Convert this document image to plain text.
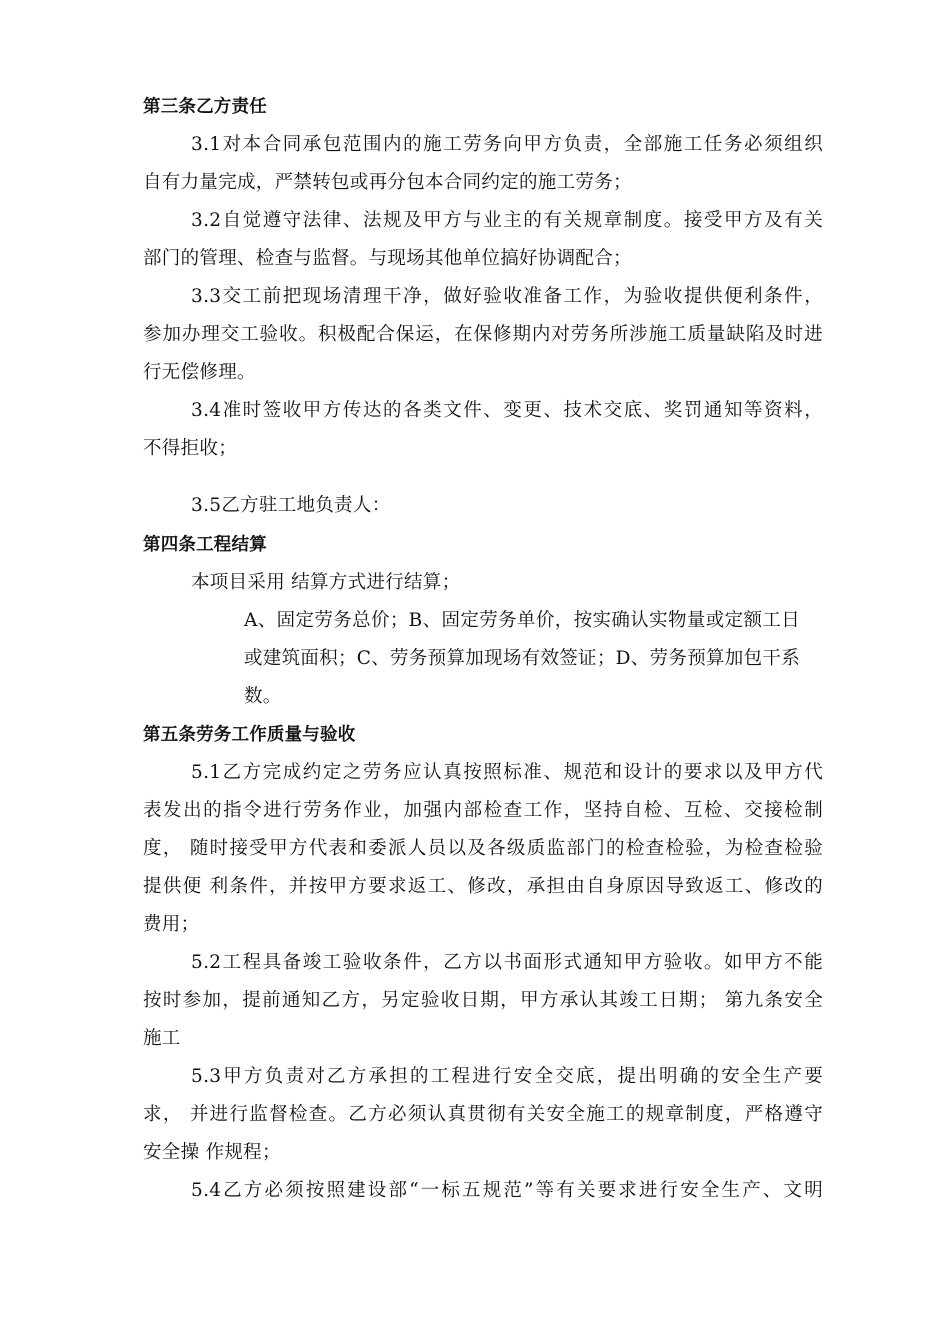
第三条乙方责任
3.1对本合同承包范围内的施工劳务向甲方负责，全部施工任务必须组织
自有力量完成，严禁转包或再分包本合同约定的施工劳务；
3.2自觉遵守法律、法规及甲方与业主的有关规章制度。接受甲方及有关
部门的管理、检查与监督。与现场其他单位搞好协调配合；
3.3交工前把现场清理干净，做好验收准备工作，为验收提供便利条件，
参加办理交工验收。积极配合保运，在保修期内对劳务所涉施工质量缺陷及时进
行无偿修理。
3.4准时签收甲方传达的各类文件、变更、技术交底、奖罚通知等资料，
不得拒收；
3.5乙方驻工地负责人：
第四条工程结算
本项目采用 结算方式进行结算；
A、固定劳务总价；B、固定劳务单价，按实确认实物量或定额工日
或建筑面积；C、劳务预算加现场有效签证；D、劳务预算加包干系
数。
第五条劳务工作质量与验收
5.1乙方完成约定之劳务应认真按照标准、规范和设计的要求以及甲方代
表发出的指令进行劳务作业，加强内部检查工作，坚持自检、互检、交接检制
度， 随时接受甲方代表和委派人员以及各级质监部门的检查检验，为检查检验
提供便 利条件，并按甲方要求返工、修改，承担由自身原因导致返工、修改的
费用；
5.2工程具备竣工验收条件，乙方以书面形式通知甲方验收。如甲方不能
按时参加，提前通知乙方，另定验收日期，甲方承认其竣工日期； 第九条安全
施工
5.3甲方负责对乙方承担的工程进行安全交底，提出明确的安全生产要
求， 并进行监督检查。乙方必须认真贯彻有关安全施工的规章制度，严格遵守
安全操 作规程；
5.4乙方必须按照建设部“一标五规范”等有关要求进行安全生产、文明
